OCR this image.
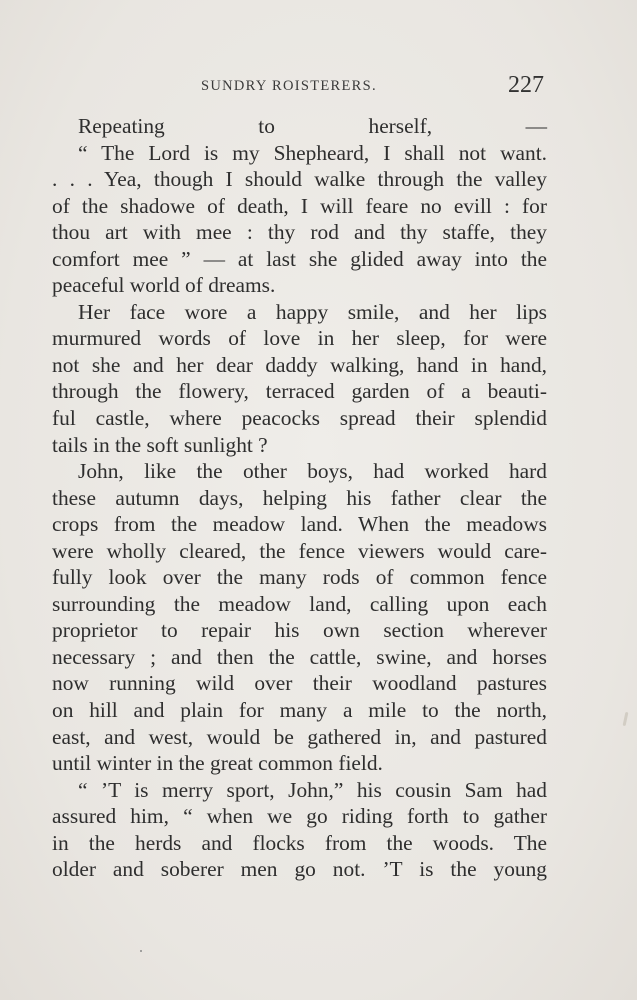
SUNDRY ROISTERERS.	227
Repeating to herself, —
“ The Lord is my Shepheard, I shall not want.
. . . Yea, though I should walke through the valley
of the shadowe of death, I will feare no evill : for
thou art with mee : thy rod and thy staffe, they
comfort mee ” — at last she glided away into the
peaceful world of dreams.
Her face wore a happy smile, and her lips
murmured words of love in her sleep, for were
not she and her dear daddy walking, hand in hand,
through the flowery, terraced garden of a beauti-
ful castle, where peacocks spread their splendid
tails in the soft sunlight ?
John, like the other boys, had worked hard
these autumn days, helping his father clear the
crops from the meadow land. When the meadows
were wholly cleared, the fence viewers would care-
fully look over the many rods of common fence
surrounding the meadow land, calling upon each
proprietor to repair his own section wherever
necessary ; and then the cattle, swine, and horses
now running wild over their woodland pastures
on hill and plain for many a mile to the north,
east, and west, would be gathered in, and pastured
until winter in the great common field.
“ ’T is merry sport, John,” his cousin Sam had
assured him, “ when we go riding forth to gather
in the herds and flocks from the woods. The
older and soberer men go not. ’T is the young
